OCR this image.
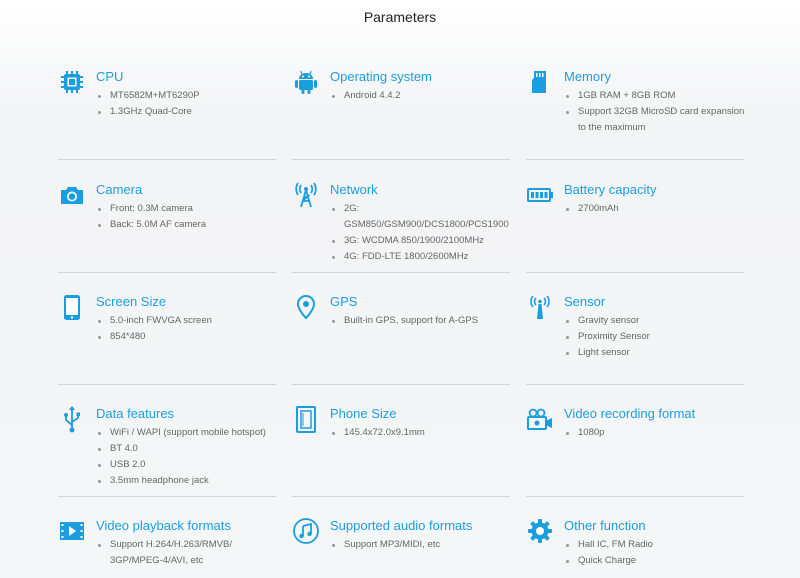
Parameters
CPU
MT6582M+MT6290P
1.3GHz Quad-Core
Operating system
Android 4.4.2
Memory
1GB RAM + 8GB ROM
Support 32GB MicroSD card expansion to the maximum
Camera
Front: 0.3M camera
Back: 5.0M AF camera
Network
2G: GSM850/GSM900/DCS1800/PCS1900
3G: WCDMA 850/1900/2100MHz
4G: FDD-LTE 1800/2600MHz
Battery capacity
2700mAh
Screen Size
5.0-inch FWVGA screen
854*480
GPS
Built-in GPS, support for A-GPS
Sensor
Gravity sensor
Proximity Sensor
Light sensor
Data features
WiFi / WAPI (support mobile hotspot)
BT 4.0
USB 2.0
3.5mm headphone jack
Phone Size
145.4x72.0x9.1mm
Video recording format
1080p
Video playback formats
Support H.264/H.263/RMVB/ 3GP/MPEG-4/AVI, etc
Supported audio formats
Support MP3/MIDI, etc
Other function
Hall IC, FM Radio
Quick Charge
